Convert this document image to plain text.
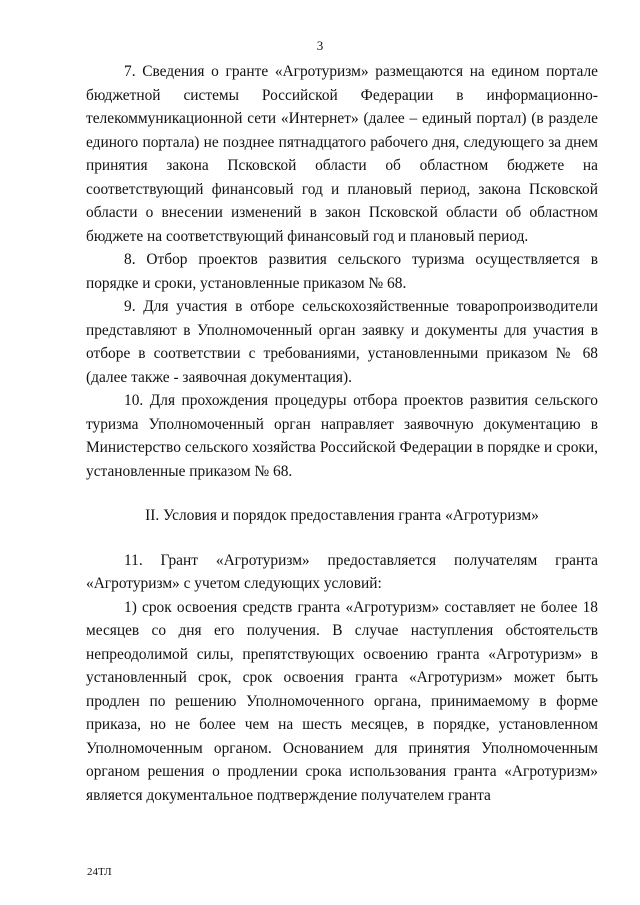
3

7. Сведения о гранте «Агротуризм» размещаются на едином портале бюджетной системы Российской Федерации в информационно-телекоммуникационной сети «Интернет» (далее – единый портал) (в разделе единого портала) не позднее пятнадцатого рабочего дня, следующего за днем принятия закона Псковской области об областном бюджете на соответствующий финансовый год и плановый период, закона Псковской области о внесении изменений в закон Псковской области об областном бюджете на соответствующий финансовый год и плановый период.

8. Отбор проектов развития сельского туризма осуществляется в порядке и сроки, установленные приказом № 68.

9. Для участия в отборе сельскохозяйственные товаропроизводители представляют в Уполномоченный орган заявку и документы для участия в отборе в соответствии с требованиями, установленными приказом № 68 (далее также - заявочная документация).

10. Для прохождения процедуры отбора проектов развития сельского туризма Уполномоченный орган направляет заявочную документацию в Министерство сельского хозяйства Российской Федерации в порядке и сроки, установленные приказом № 68.

II. Условия и порядок предоставления гранта «Агротуризм»

11. Грант «Агротуризм» предоставляется получателям гранта «Агротуризм» с учетом следующих условий:

1) срок освоения средств гранта «Агротуризм» составляет не более 18 месяцев со дня его получения. В случае наступления обстоятельств непреодолимой силы, препятствующих освоению гранта «Агротуризм» в установленный срок, срок освоения гранта «Агротуризм» может быть продлен по решению Уполномоченного органа, принимаемому в форме приказа, но не более чем на шесть месяцев, в порядке, установленном Уполномоченным органом. Основанием для принятия Уполномоченным органом решения о продлении срока использования гранта «Агротуризм» является документальное подтверждение получателем гранта

24ТЛ
